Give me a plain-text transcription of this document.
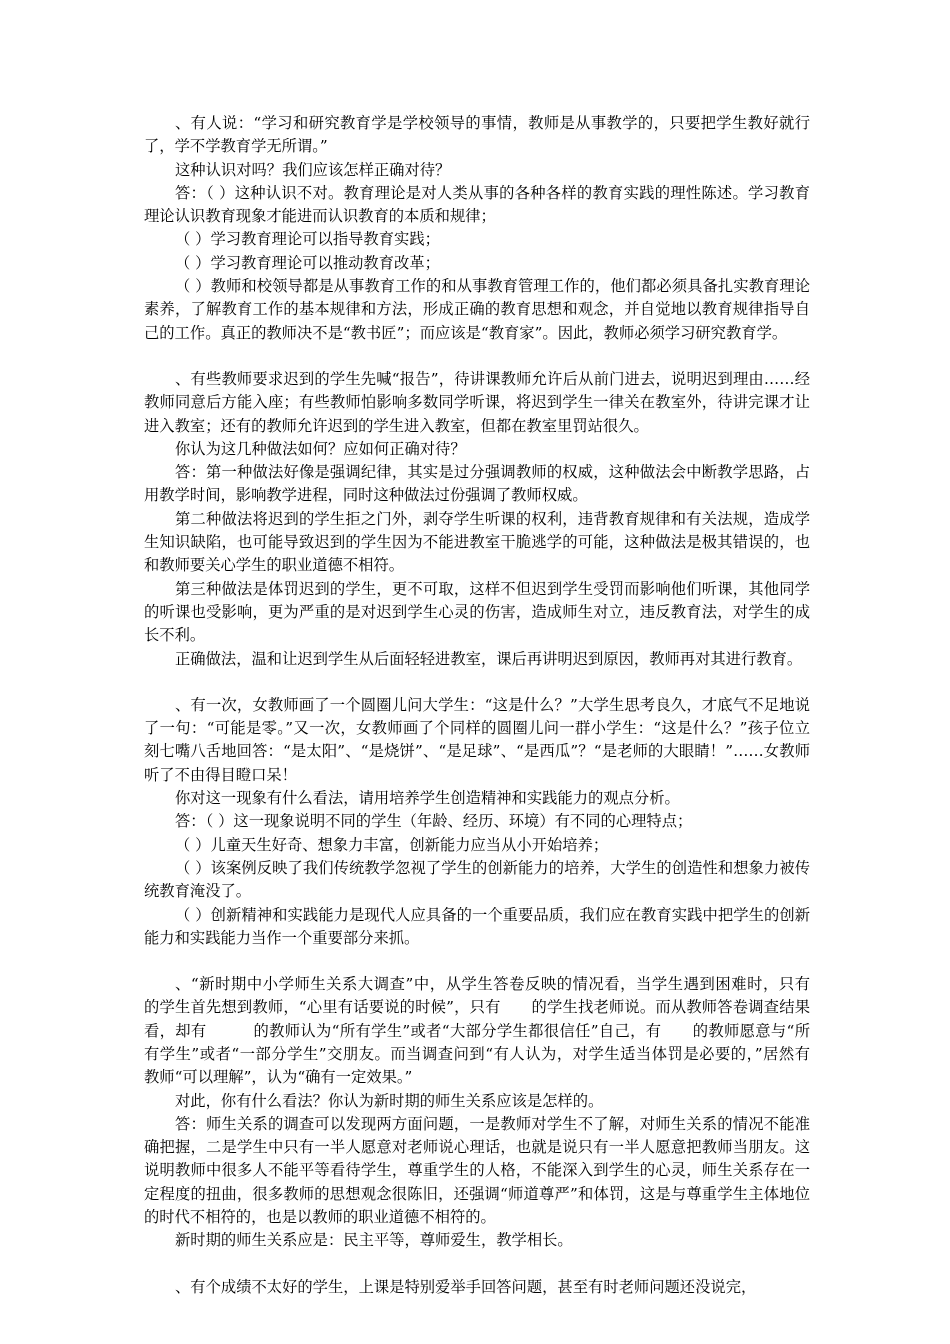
、有人说：“学习和研究教育学是学校领导的事情，教师是从事教学的，只要把学生教好就行了，学不学教育学无所谓。”

这种认识对吗？我们应该怎样正确对待？

答：（ ）这种认识不对。教育理论是对人类从事的各种各样的教育实践的理性陈述。学习教育理论认识教育现象才能进而认识教育的本质和规律；

（ ）学习教育理论可以指导教育实践；

（ ）学习教育理论可以推动教育改革；

（ ）教师和校领导都是从事教育工作的和从事教育管理工作的，他们都必须具备扎实教育理论素养，了解教育工作的基本规律和方法，形成正确的教育思想和观念，并自觉地以教育规律指导自己的工作。真正的教师决不是“教书匠”；而应该是“教育家”。因此，教师必须学习研究教育学。

、有些教师要求迟到的学生先喊“报告”，待讲课教师允许后从前门进去，说明迟到理由……经教师同意后方能入座；有些教师怕影响多数同学听课，将迟到学生一律关在教室外，待讲完课才让进入教室；还有的教师允许迟到的学生进入教室，但都在教室里罚站很久。

你认为这几种做法如何？应如何正确对待？

答：第一种做法好像是强调纪律，其实是过分强调教师的权威，这种做法会中断教学思路，占用教学时间，影响教学进程，同时这种做法过份强调了教师权威。

第二种做法将迟到的学生拒之门外，剥夺学生听课的权利，违背教育规律和有关法规，造成学生知识缺陷，也可能导致迟到的学生因为不能进教室干脆逃学的可能，这种做法是极其错误的，也和教师要关心学生的职业道德不相符。

第三种做法是体罚迟到的学生，更不可取，这样不但迟到学生受罚而影响他们听课，其他同学的听课也受影响，更为严重的是对迟到学生心灵的伤害，造成师生对立，违反教育法，对学生的成长不利。

正确做法，温和让迟到学生从后面轻轻进教室，课后再讲明迟到原因，教师再对其进行教育。

、有一次，女教师画了一个圆圈儿问大学生：“这是什么？”大学生思考良久，才底气不足地说了一句：“可能是零。”又一次，女教师画了个同样的圆圈儿问一群小学生：“这是什么？”孩子位立刻七嘴八舌地回答：“是太阳”、“是烧饼”、“是足球”、“是西瓜”？“是老师的大眼睛！”……女教师听了不由得目瞪口呆！

你对这一现象有什么看法，请用培养学生创造精神和实践能力的观点分析。

答：（ ）这一现象说明不同的学生（年龄、经历、环境）有不同的心理特点；

（ ）儿童天生好奇、想象力丰富，创新能力应当从小开始培养；

（ ）该案例反映了我们传统教学忽视了学生的创新能力的培养，大学生的创造性和想象力被传统教育淹没了。

（ ）创新精神和实践能力是现代人应具备的一个重要品质，我们应在教育实践中把学生的创新能力和实践能力当作一个重要部分来抓。

、“新时期中小学师生关系大调查”中，从学生答卷反映的情况看，当学生遇到困难时，只有　　　的学生首先想到教师，“心里有话要说的时候”，只有　　的学生找老师说。而从教师答卷调查结果看，却有　　　的教师认为“所有学生”或者“大部分学生都很信任”自己，有　　的教师愿意与“所有学生”或者“一部分学生”交朋友。而当调查问到“有人认为，对学生适当体罚是必要的，”居然有　　教师“可以理解”，认为“确有一定效果。”

对此，你有什么看法？你认为新时期的师生关系应该是怎样的。

答：师生关系的调查可以发现两方面问题，一是教师对学生不了解，对师生关系的情况不能准确把握，二是学生中只有一半人愿意对老师说心理话，也就是说只有一半人愿意把教师当朋友。这说明教师中很多人不能平等看待学生，尊重学生的人格，不能深入到学生的心灵，师生关系存在一定程度的扭曲，很多教师的思想观念很陈旧，还强调“师道尊严”和体罚，这是与尊重学生主体地位的时代不相符的，也是以教师的职业道德不相符的。

新时期的师生关系应是：民主平等，尊师爱生，教学相长。

、有个成绩不太好的学生，上课是特别爱举手回答问题，甚至有时老师问题还没说完，
